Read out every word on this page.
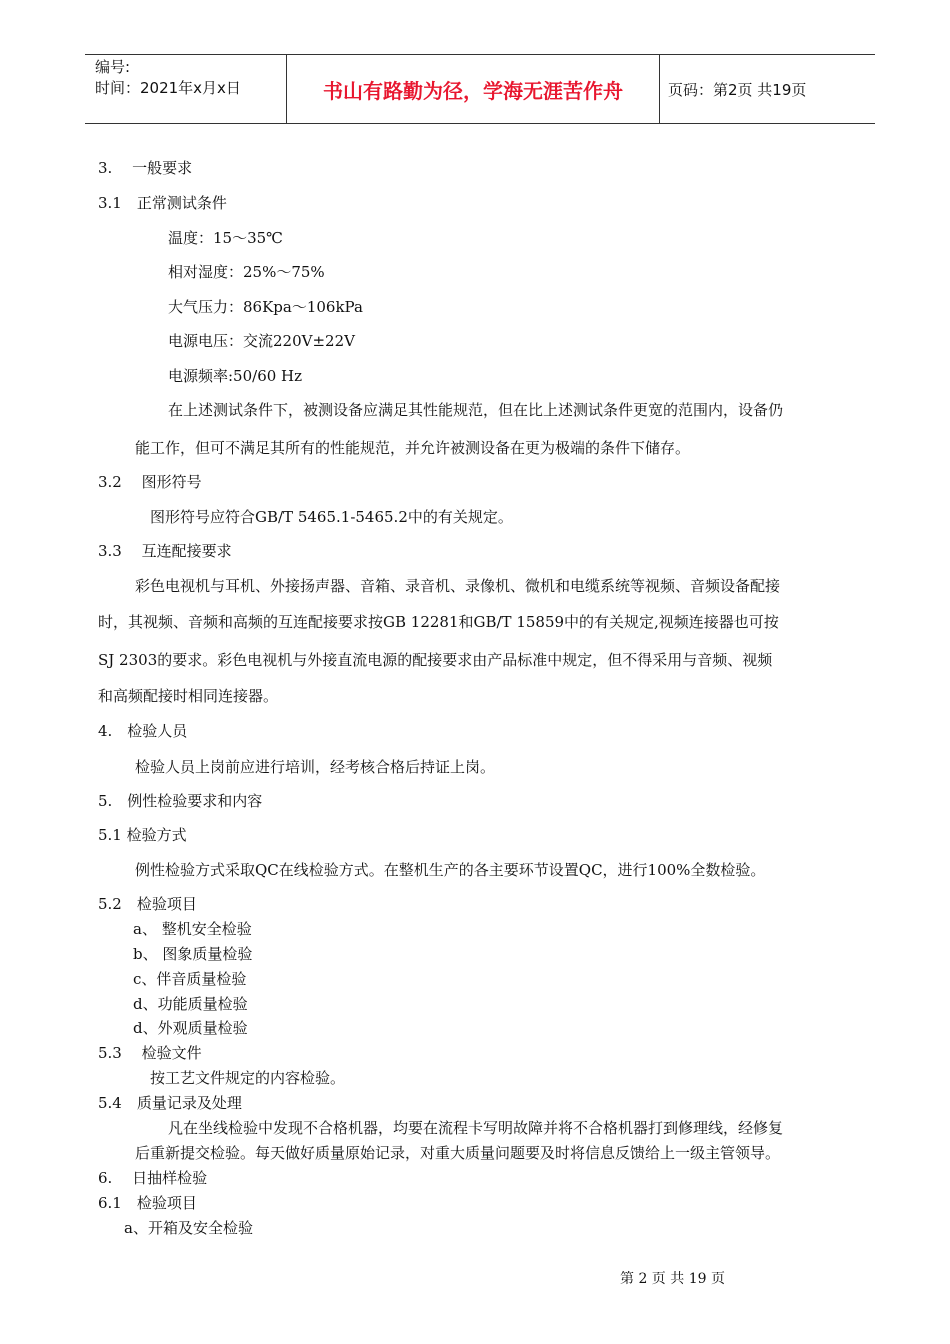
编号:
时间：2021年x月x日	书山有路勤为径，学海无涯苦作舟	页码：第2页 共19页
3.　 一般要求
3.1　正常测试条件
温度：15～35℃
相对湿度：25%～75%
大气压力：86Kpa～106kPa
电源电压：交流220V±22V
电源频率:50/60 Hz
在上述测试条件下，被测设备应满足其性能规范，但在比上述测试条件更宽的范围内，设备仍
能工作，但可不满足其所有的性能规范，并允许被测设备在更为极端的条件下储存。
3.2　 图形符号
图形符号应符合GB/T 5465.1-5465.2中的有关规定。
3.3　 互连配接要求
彩色电视机与耳机、外接扬声器、音箱、录音机、录像机、微机和电缆系统等视频、音频设备配接
时，其视频、音频和高频的互连配接要求按GB 12281和GB/T 15859中的有关规定,视频连接器也可按
SJ 2303的要求。彩色电视机与外接直流电源的配接要求由产品标准中规定，但不得采用与音频、视频
和高频配接时相同连接器。
4.　检验人员
检验人员上岗前应进行培训，经考核合格后持证上岗。
5.　例性检验要求和内容
5.1 检验方式
例性检验方式采取QC在线检验方式。在整机生产的各主要环节设置QC，进行100%全数检验。
5.2　检验项目
a、 整机安全检验
b、 图象质量检验
c、伴音质量检验
d、功能质量检验
d、外观质量检验
5.3　 检验文件
按工艺文件规定的内容检验。
5.4　质量记录及处理
凡在坐线检验中发现不合格机器，均要在流程卡写明故障并将不合格机器打到修理线，经修复
后重新提交检验。每天做好质量原始记录，对重大质量问题要及时将信息反馈给上一级主管领导。
6.　 日抽样检验
6.1　检验项目
a、开箱及安全检验
第 2 页 共 19 页
